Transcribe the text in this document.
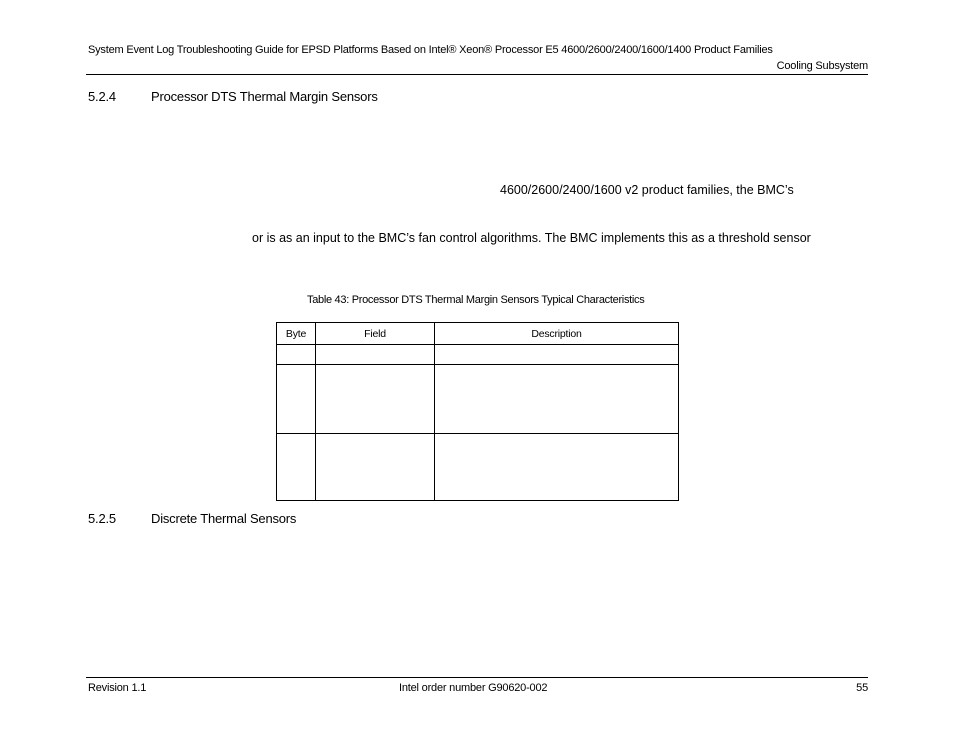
System Event Log Troubleshooting Guide for EPSD Platforms Based on Intel® Xeon® Processor E5 4600/2600/2400/1600/1400 Product Families
Cooling Subsystem
5.2.4	Processor DTS Thermal Margin Sensors
4600/2600/2400/1600 v2 product families, the BMC’s
or is as an input to the BMC’s fan control algorithms. The BMC implements this as a threshold sensor
Table 43: Processor DTS Thermal Margin Sensors Typical Characteristics
Byte	Field	Description

5.2.5	Discrete Thermal Sensors
Revision 1.1	Intel order number G90620-002	55
